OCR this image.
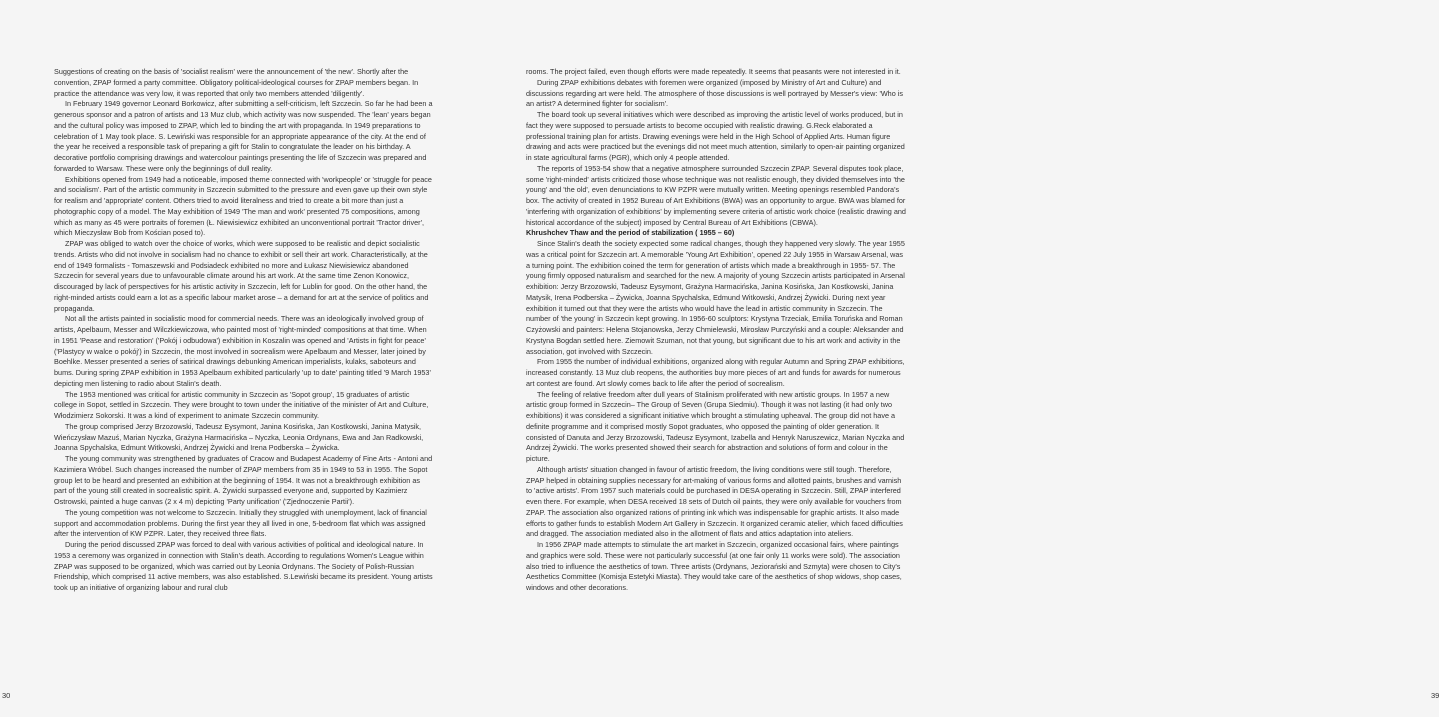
Suggestions of creating on the basis of 'socialist realism' were the announcement of 'the new'. Shortly after the convention, ZPAP formed a party committee. Obligatory political-ideological courses for ZPAP members began. In practice the attendance was very low, it was reported that only two members attended 'diligently'.

In February 1949 governor Leonard Borkowicz, after submitting a self-criticism, left Szczecin. So far he had been a generous sponsor and a patron of artists and 13 Muz club, which activity was now suspended. The 'lean' years began and the cultural policy was imposed to ZPAP, which led to binding the art with propaganda. In 1949 preparations to celebration of 1 May took place. S. Lewiński was responsible for an appropriate appearance of the city. At the end of the year he received a responsible task of preparing a gift for Stalin to congratulate the leader on his birthday. A decorative portfolio comprising drawings and watercolour paintings presenting the life of Szczecin was prepared and forwarded to Warsaw. These were only the beginnings of dull reality.

Exhibitions opened from 1949 had a noticeable, imposed theme connected with 'workpeople' or 'struggle for peace and socialism'. Part of the artistic community in Szczecin submitted to the pressure and even gave up their own style for realism and 'appropriate' content. Others tried to avoid literalness and tried to create a bit more than just a photographic copy of a model. The May exhibition of 1949 'The man and work' presented 75 compositions, among which as many as 45 were portraits of foremen (Ł. Niewisiewicz exhibited an unconventional portrait 'Tractor driver', which Mieczysław Bob from Kościan posed to).

ZPAP was obliged to watch over the choice of works, which were supposed to be realistic and depict socialistic trends. Artists who did not involve in socialism had no chance to exhibit or sell their art work. Characteristically, at the end of 1949 formalists - Tomaszewski and Podsiadeck exhibited no more and Łukasz Niewisiewicz abandoned Szczecin for several years due to unfavourable climate around his art work. At the same time Zenon Konowicz, discouraged by lack of perspectives for his artistic activity in Szczecin, left for Lublin for good. On the other hand, the right-minded artists could earn a lot as a specific labour market arose – a demand for art at the service of politics and propaganda.

Not all the artists painted in socialistic mood for commercial needs. There was an ideologically involved group of artists, Apelbaum, Messer and Wilczkiewiczowa, who painted most of 'right-minded' compositions at that time. When in 1951 'Pease and restoration' ('Pokój i odbudowa') exhibition in Koszalin was opened and 'Artists in fight for peace' ('Plastycy w walce o pokój') in Szczecin, the most involved in socrealism were Apelbaum and Messer, later joined by Boehlke. Messer presented a series of satirical drawings debunking American imperialists, kulaks, saboteurs and bums. During spring ZPAP exhibition in 1953 Apelbaum exhibited particularly 'up to date' painting titled '9 March 1953' depicting men listening to radio about Stalin's death.

The 1953 mentioned was critical for artistic community in Szczecin as 'Sopot group', 15 graduates of artistic college in Sopot, settled in Szczecin. They were brought to town under the initiative of the minister of Art and Culture, Włodzimierz Sokorski. It was a kind of experiment to animate Szczecin community.

The group comprised Jerzy Brzozowski, Tadeusz Eysymont, Janina Kosińska, Jan Kostkowski, Janina Matysik, Wieńczysław Mazuś, Marian Nyczka, Grażyna Harmacińska – Nyczka, Leonia Ordynans, Ewa and Jan Radkowski, Joanna Spychalska, Edmunt Witkowski, Andrzej Żywicki and Irena Podberska – Żywicka.

The young community was strengthened by graduates of Cracow and Budapest Academy of Fine Arts - Antoni and Kazimiera Wróbel. Such changes increased the number of ZPAP members from 35 in 1949 to 53 in 1955. The Sopot group let to be heard and presented an exhibition at the beginning of 1954. It was not a breakthrough exhibition as part of the young still created in socrealistic spirit. A. Żywicki surpassed everyone and, supported by Kazimierz Ostrowski, painted a huge canvas (2 x 4 m) depicting 'Party unification' ('Zjednoczenie Partii').

The young competition was not welcome to Szczecin. Initially they struggled with unemployment, lack of financial support and accommodation problems. During the first year they all lived in one, 5-bedroom flat which was assigned after the intervention of KW PZPR. Later, they received three flats.

During the period discussed ZPAP was forced to deal with various activities of political and ideological nature. In 1953 a ceremony was organized in connection with Stalin's death. According to regulations Women's League within ZPAP was supposed to be organized, which was carried out by Leonia Ordynans. The Society of Polish-Russian Friendship, which comprised 11 active members, was also established. S.Lewiński became its president. Young artists took up an initiative of organizing labour and rural club

30

rooms. The project failed, even though efforts were made repeatedly. It seems that peasants were not interested in it.

During ZPAP exhibitions debates with foremen were organized (imposed by Ministry of Art and Culture) and discussions regarding art were held. The atmosphere of those discussions is well portrayed by Messer's view: 'Who is an artist? A determined fighter for socialism'.

The board took up several initiatives which were described as improving the artistic level of works produced, but in fact they were supposed to persuade artists to become occupied with realistic drawing. G.Reck elaborated a professional training plan for artists. Drawing evenings were held in the High School of Applied Arts. Human figure drawing and acts were practiced but the evenings did not meet much attention, similarly to open-air painting organized in state agricultural farms (PGR), which only 4 people attended.

The reports of 1953-54 show that a negative atmosphere surrounded Szczecin ZPAP. Several disputes took place, some 'right-minded' artists criticized those whose technique was not realistic enough, they divided themselves into 'the young' and 'the old', even denunciations to KW PZPR were mutually written. Meeting openings resembled Pandora's box. The activity of created in 1952 Bureau of Art Exhibitions (BWA) was an opportunity to argue. BWA was blamed for 'interfering with organization of exhibitions' by implementing severe criteria of artistic work choice (realistic drawing and historical accordance of the subject) imposed by Central Bureau of Art Exhibitions (CBWA).

Khrushchev Thaw and the period of stabilization ( 1955 – 60)

Since Stalin's death the society expected some radical changes, though they happened very slowly. The year 1955 was a critical point for Szczecin art. A memorable 'Young Art Exhibition', opened 22 July 1955 in Warsaw Arsenal, was a turning point. The exhibition coined the term for generation of artists which made a breakthrough in 1955- 57. The young firmly opposed naturalism and searched for the new. A majority of young Szczecin artists participated in Arsenal exhibition: Jerzy Brzozowski, Tadeusz Eysymont, Grażyna Harmacińska, Janina Kosińska, Jan Kostkowski, Janina Matysik, Irena Podberska – Żywicka, Joanna Spychalska, Edmund Witkowski, Andrzej Żywicki. During next year exhibition it turned out that they were the artists who would have the lead in artistic community in Szczecin. The number of 'the young' in Szczecin kept growing. In 1956-60 sculptors: Krystyna Trzeciak, Emilia Toruńska and Roman Czyżowski and painters: Helena Stojanowska, Jerzy Chmielewski, Mirosław Purczyński and a couple: Aleksander and Krystyna Bogdan settled here. Ziemowit Szuman, not that young, but significant due to his art work and activity in the association, got involved with Szczecin.

From 1955 the number of individual exhibitions, organized along with regular Autumn and Spring ZPAP exhibitions, increased constantly. 13 Muz club reopens, the authorities buy more pieces of art and funds for awards for numerous art contest are found. Art slowly comes back to life after the period of socrealism.

The feeling of relative freedom after dull years of Stalinism proliferated with new artistic groups. In 1957 a new artistic group formed in Szczecin– The Group of Seven (Grupa Siedmiu). Though it was not lasting (it had only two exhibitions) it was considered a significant initiative which brought a stimulating upheaval. The group did not have a definite programme and it comprised mostly Sopot graduates, who opposed the painting of older generation. It consisted of Danuta and Jerzy Brzozowski, Tadeusz Eysymont, Izabella and Henryk Naruszewicz, Marian Nyczka and Andrzej Żywicki. The works presented showed their search for abstraction and solutions of form and colour in the picture.

Although artists' situation changed in favour of artistic freedom, the living conditions were still tough. Therefore, ZPAP helped in obtaining supplies necessary for art-making of various forms and allotted paints, brushes and varnish to 'active artists'. From 1957 such materials could be purchased in DESA operating in Szczecin. Still, ZPAP interfered even there. For example, when DESA received 18 sets of Dutch oil paints, they were only available for vouchers from ZPAP. The association also organized rations of printing ink which was indispensable for graphic artists. It also made efforts to gather funds to establish Modern Art Gallery in Szczecin. It organized ceramic atelier, which faced difficulties and dragged. The association mediated also in the allotment of flats and attics adaptation into ateliers.

In 1956 ZPAP made attempts to stimulate the art market in Szczecin, organized occasional fairs, where paintings and graphics were sold. These were not particularly successful (at one fair only 11 works were sold). The association also tried to influence the aesthetics of town. Three artists (Ordynans, Jeziorański and Szmyta) were chosen to City's Aesthetics Committee (Komisja Estetyki Miasta). They would take care of the aesthetics of shop widows, shop cases, windows and other decorations.

39
